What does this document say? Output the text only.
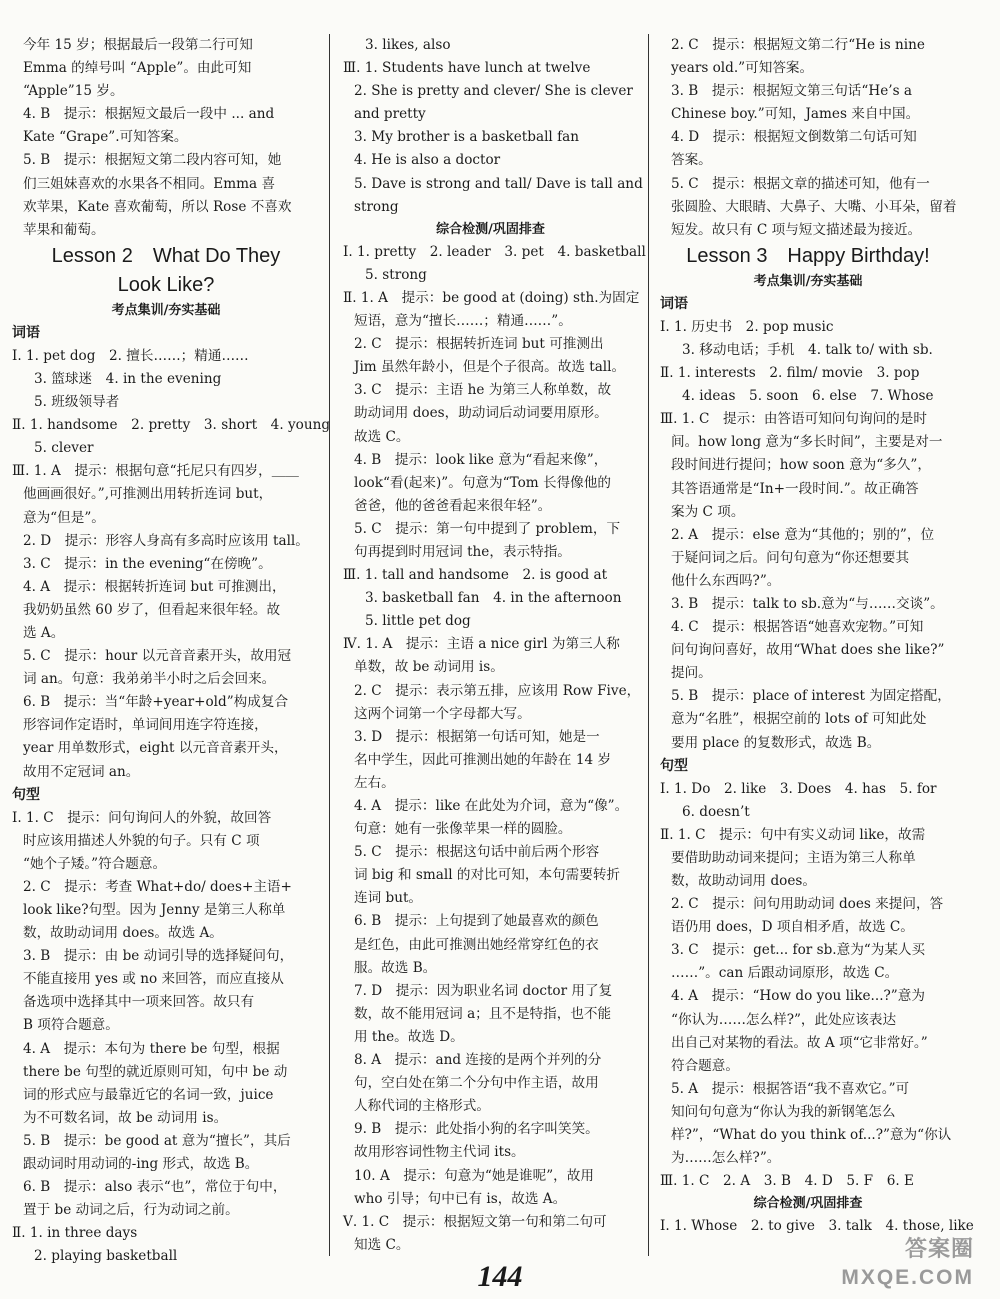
今年 15 岁；根据最后一段第二行可知
Emma 的绰号叫 “Apple”。由此可知
“Apple”15 岁。
4. B　提示：根据短文最后一段中 ... and
Kate “Grape”.可知答案。
5. B　提示：根据短文第二段内容可知，她
们三姐妹喜欢的水果各不相同。Emma 喜
欢苹果，Kate 喜欢葡萄，所以 Rose 不喜欢
苹果和葡萄。
Lesson 2　What Do They
Look Like?
考点集训/夯实基础
词语
Ⅰ. 1. pet dog　2. 擅长……；精通……
3. 篮球迷　4. in the evening
5. 班级领导者
Ⅱ. 1. handsome　2. pretty　3. short　4. young
5. clever
Ⅲ. 1. A　提示：根据句意“托尼只有四岁，＿＿
他画画很好。”,可推测出用转折连词 but，
意为“但是”。
2. D　提示：形容人身高有多高时应该用 tall。
3. C　提示：in the evening“在傍晚”。
4. A　提示：根据转折连词 but 可推测出，
我奶奶虽然 60 岁了，但看起来很年轻。故
选 A。
5. C　提示：hour 以元音音素开头，故用冠
词 an。句意：我弟弟半小时之后会回来。
6. B　提示：当“年龄+year+old”构成复合
形容词作定语时，单词间用连字符连接，
year 用单数形式，eight 以元音音素开头，
故用不定冠词 an。
句型
Ⅰ. 1. C　提示：问句询问人的外貌，故回答
时应该用描述人外貌的句子。只有 C 项
“她个子矮。”符合题意。
2. C　提示：考查 What+do/ does+主语+
look like?句型。因为 Jenny 是第三人称单
数，故助动词用 does。故选 A。
3. B　提示：由 be 动词引导的选择疑问句，
不能直接用 yes 或 no 来回答，而应直接从
备选项中选择其中一项来回答。故只有
B 项符合题意。
4. A　提示：本句为 there be 句型，根据
there be 句型的就近原则可知，句中 be 动
词的形式应与最靠近它的名词一致，juice
为不可数名词，故 be 动词用 is。
5. B　提示：be good at 意为“擅长”，其后
跟动词时用动词的-ing 形式，故选 B。
6. B　提示：also 表示“也”，常位于句中，
置于 be 动词之后，行为动词之前。
Ⅱ. 1. in three days
2. playing basketball
3. likes, also
Ⅲ. 1. Students have lunch at twelve
2. She is pretty and clever/ She is clever
and pretty
3. My brother is a basketball fan
4. He is also a doctor
5. Dave is strong and tall/ Dave is tall and
strong
综合检测/巩固排查
Ⅰ. 1. pretty　2. leader　3. pet　4. basketball
5. strong
Ⅱ. 1. A　提示：be good at (doing) sth.为固定
短语，意为“擅长……；精通……”。
2. C　提示：根据转折连词 but 可推测出
Jim 虽然年龄小，但是个子很高。故选 tall。
3. C　提示：主语 he 为第三人称单数，故
助动词用 does，助动词后动词要用原形。
故选 C。
4. B　提示：look like 意为“看起来像”，
look“看(起来)”。句意为“Tom 长得像他的
爸爸，他的爸爸看起来很年轻”。
5. C　提示：第一句中提到了 problem，下
句再提到时用冠词 the，表示特指。
Ⅲ. 1. tall and handsome　2. is good at
3. basketball fan　4. in the afternoon
5. little pet dog
Ⅳ. 1. A　提示：主语 a nice girl 为第三人称
单数，故 be 动词用 is。
2. C　提示：表示第五排，应该用 Row Five，
这两个词第一个字母都大写。
3. D　提示：根据第一句话可知，她是一
名中学生，因此可推测出她的年龄在 14 岁
左右。
4. A　提示：like 在此处为介词，意为“像”。
句意：她有一张像苹果一样的圆脸。
5. C　提示：根据这句话中前后两个形容
词 big 和 small 的对比可知，本句需要转折
连词 but。
6. B　提示：上句提到了她最喜欢的颜色
是红色，由此可推测出她经常穿红色的衣
服。故选 B。
7. D　提示：因为职业名词 doctor 用了复
数，故不能用冠词 a；且不是特指，也不能
用 the。故选 D。
8. A　提示：and 连接的是两个并列的分
句，空白处在第二个分句中作主语，故用
人称代词的主格形式。
9. B　提示：此处指小狗的名字叫笑笑。
故用形容词性物主代词 its。
10. A　提示：句意为“她是谁呢”，故用
who 引导；句中已有 is，故选 A。
Ⅴ. 1. C　提示：根据短文第一句和第二句可
知选 C。
2. C　提示：根据短文第二行“He is nine
years old.”可知答案。
3. B　提示：根据短文第三句话“He’s a
Chinese boy.”可知，James 来自中国。
4. D　提示：根据短文倒数第二句话可知
答案。
5. C　提示：根据文章的描述可知，他有一
张圆脸、大眼睛、大鼻子、大嘴、小耳朵，留着
短发。故只有 C 项与短文描述最为接近。
Lesson 3　Happy Birthday!
考点集训/夯实基础
词语
Ⅰ. 1. 历史书　2. pop music
3. 移动电话；手机　4. talk to/ with sb.
Ⅱ. 1. interests　2. film/ movie　3. pop
4. ideas　5. soon　6. else　7. Whose
Ⅲ. 1. C　提示：由答语可知问句询问的是时
间。how long 意为“多长时间”，主要是对一
段时间进行提问；how soon 意为“多久”，
其答语通常是“In+一段时间.”。故正确答
案为 C 项。
2. A　提示：else 意为“其他的；别的”，位
于疑问词之后。问句句意为“你还想要其
他什么东西吗?”。
3. B　提示：talk to sb.意为“与……交谈”。
4. C　提示：根据答语“她喜欢宠物。”可知
问句询问喜好，故用“What does she like?”
提问。
5. B　提示：place of interest 为固定搭配，
意为“名胜”，根据空前的 lots of 可知此处
要用 place 的复数形式，故选 B。
句型
Ⅰ. 1. Do　2. like　3. Does　4. has　5. for
6. doesn’t
Ⅱ. 1. C　提示：句中有实义动词 like，故需
要借助助动词来提问；主语为第三人称单
数，故助动词用 does。
2. C　提示：问句用助动词 does 来提问，答
语仍用 does，D 项自相矛盾，故选 C。
3. C　提示：get... for sb.意为“为某人买
……”。can 后跟动词原形，故选 C。
4. A　提示：“How do you like...?”意为
“你认为……怎么样?”，此处应该表达
出自己对某物的看法。故 A 项“它非常好。”
符合题意。
5. A　提示：根据答语“我不喜欢它。”可
知问句句意为“你认为我的新钢笔怎么
样?”，“What do you think of...?”意为“你认
为……怎么样?”。
Ⅲ. 1. C　2. A　3. B　4. D　5. F　6. E
综合检测/巩固排查
Ⅰ. 1. Whose　2. to give　3. talk　4. those, like
144
答案圈
MXQE.COM
